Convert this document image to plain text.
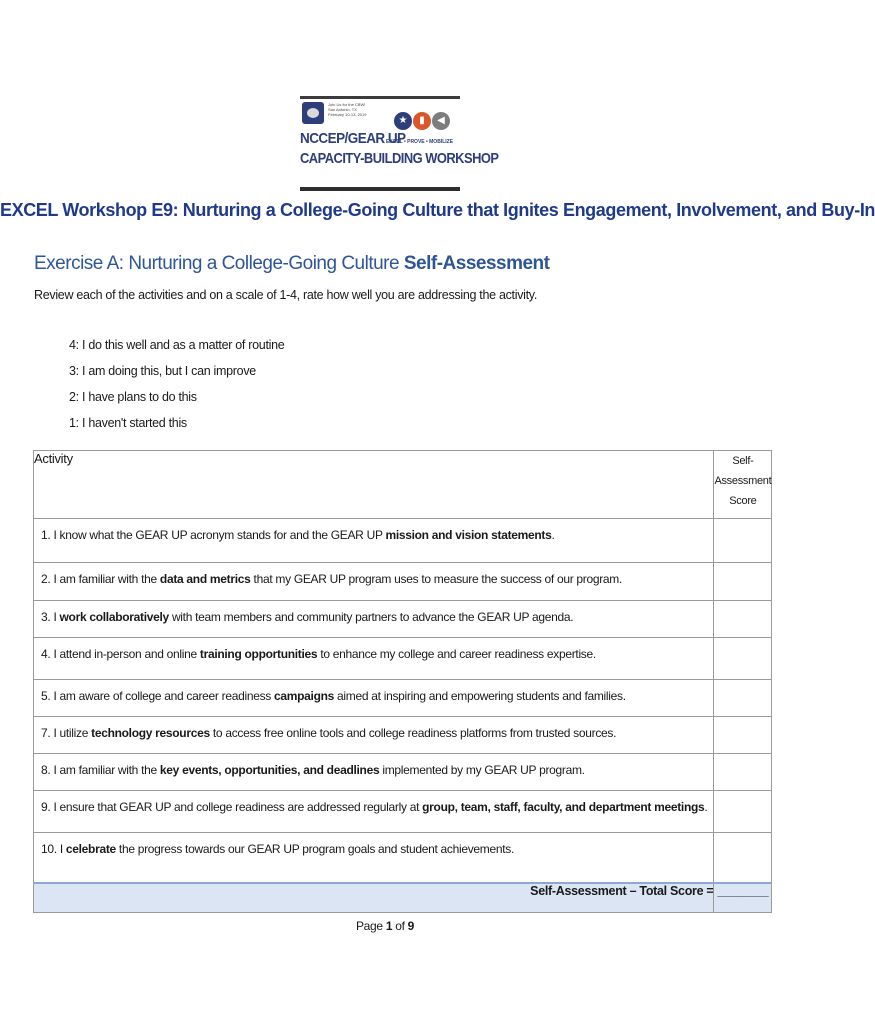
Join Us for the CBW!
San Antonio, TX
February 10-13, 2019
★	▮	◀
NCCEP/GEAR UP
EXCEL • PROVE • MOBILIZE
CAPACITY-BUILDING WORKSHOP
EXCEL Workshop E9: Nurturing a College-Going Culture that Ignites Engagement, Involvement, and Buy-In
Exercise A: Nurturing a College-Going Culture Self-Assessment
Review each of the activities and on a scale of 1-4, rate how well you are addressing the activity.
4: I do this well and as a matter of routine
3: I am doing this, but I can improve
2: I have plans to do this
1: I haven't started this
Activity	Self-
Assessment
Score

1. I know what the GEAR UP acronym stands for and the GEAR UP mission and vision statements.	
2. I am familiar with the data and metrics that my GEAR UP program uses to measure the success of our program.	
3. I work collaboratively with team members and community partners to advance the GEAR UP agenda.	
4. I attend in-person and online training opportunities to enhance my college and career readiness expertise.	
5. I am aware of college and career readiness campaigns aimed at inspiring and empowering students and families.	
7. I utilize technology resources to access free online tools and college readiness platforms from trusted sources.	
8. I am familiar with the key events, opportunities, and deadlines implemented by my GEAR UP program.	
9. I ensure that GEAR UP and college readiness are addressed regularly at group, team, staff, faculty, and department meetings.	
10. I celebrate the progress towards our GEAR UP program goals and student achievements.	
Self-Assessment – Total Score =	________
Page 1 of 9
